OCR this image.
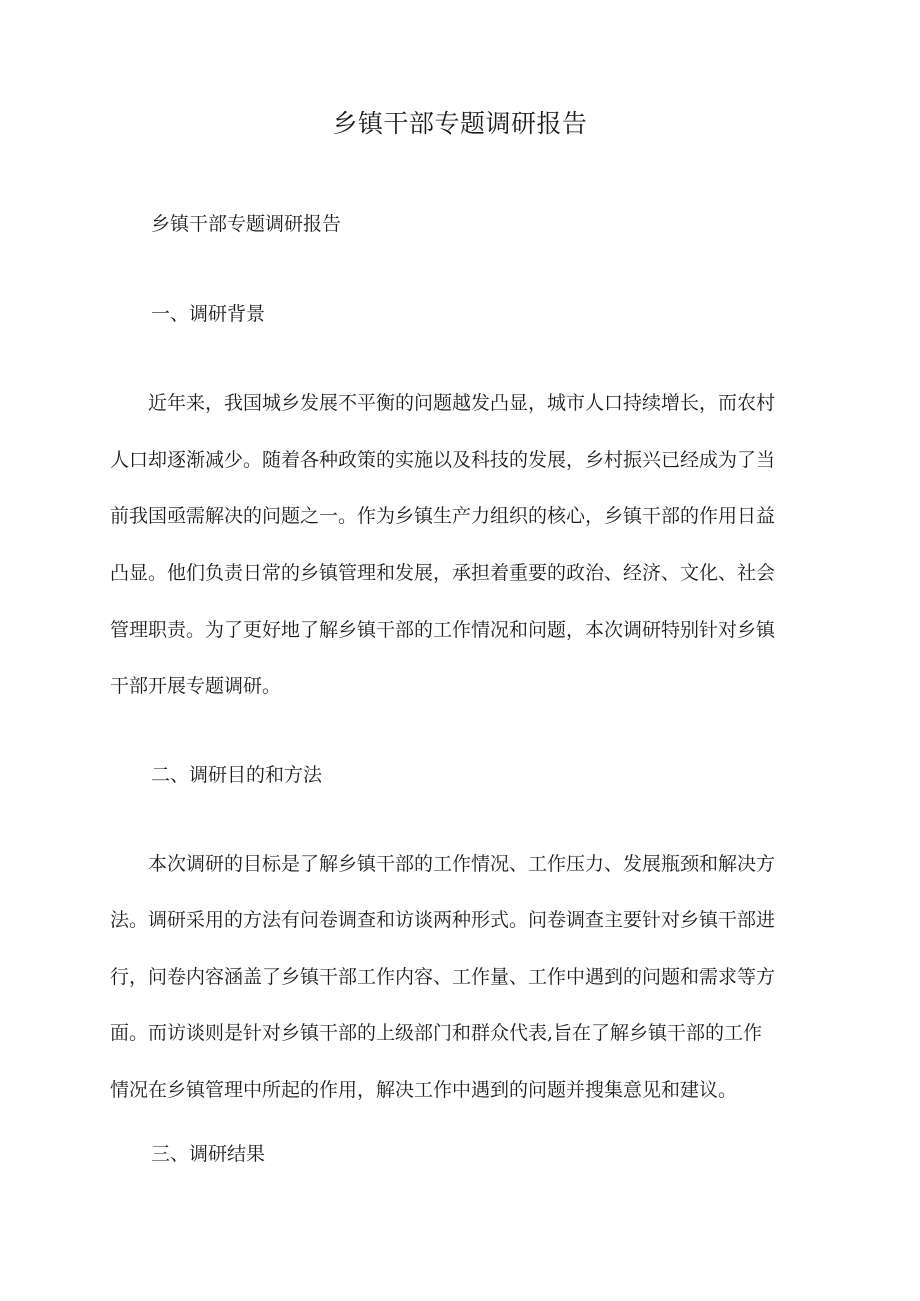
乡镇干部专题调研报告
乡镇干部专题调研报告
一、调研背景
　　近年来，我国城乡发展不平衡的问题越发凸显，城市人口持续增长，而农村
人口却逐渐减少。随着各种政策的实施以及科技的发展，乡村振兴已经成为了当
前我国亟需解决的问题之一。作为乡镇生产力组织的核心，乡镇干部的作用日益
凸显。他们负责日常的乡镇管理和发展，承担着重要的政治、经济、文化、社会
管理职责。为了更好地了解乡镇干部的工作情况和问题，本次调研特别针对乡镇
干部开展专题调研。
二、调研目的和方法
　　本次调研的目标是了解乡镇干部的工作情况、工作压力、发展瓶颈和解决方
法。调研采用的方法有问卷调查和访谈两种形式。问卷调查主要针对乡镇干部进
行，问卷内容涵盖了乡镇干部工作内容、工作量、工作中遇到的问题和需求等方
面。而访谈则是针对乡镇干部的上级部门和群众代表,旨在了解乡镇干部的工作
情况在乡镇管理中所起的作用，解决工作中遇到的问题并搜集意见和建议。
三、调研结果
